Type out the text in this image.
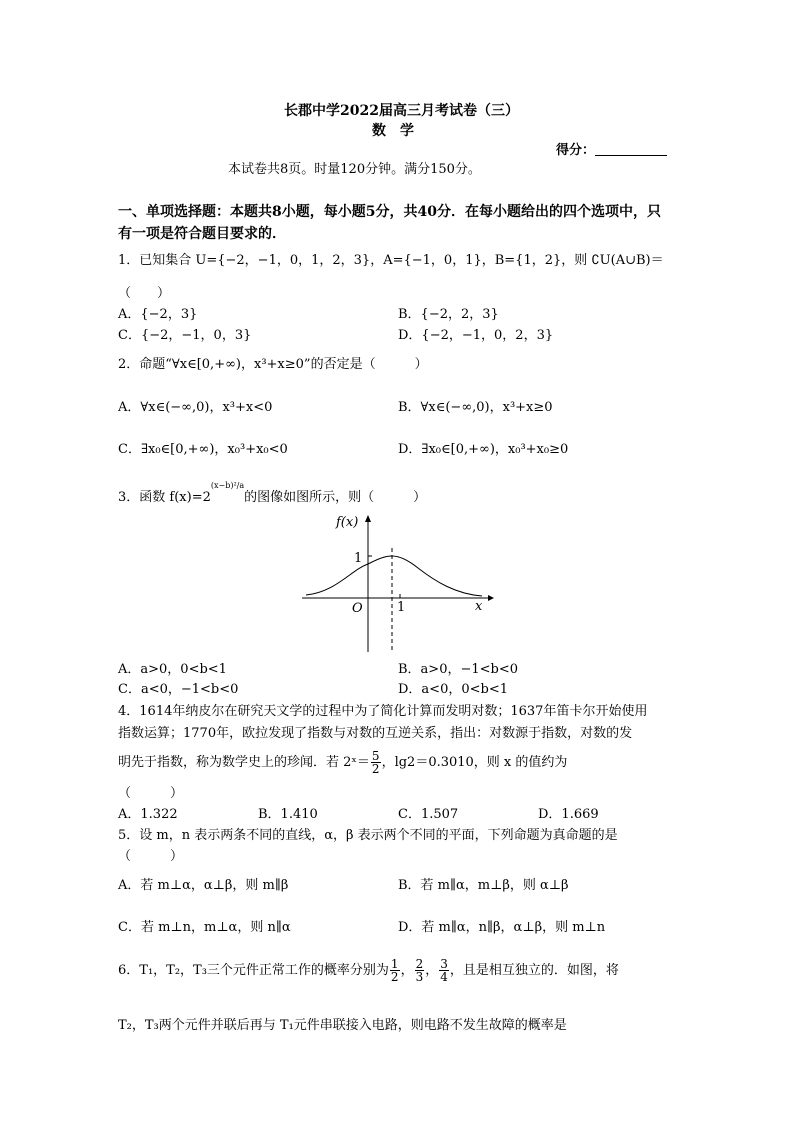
长郡中学2022届高三月考试卷（三）
数　学
得分：
本试卷共8页。时量120分钟。满分150分。
一、单项选择题：本题共8小题，每小题5分，共40分．在每小题给出的四个选项中，只
有一项是符合题目要求的．
1．已知集合 U={−2，−1，0，1，2，3}，A={−1，0，1}，B={1，2}，则 ∁U(A∪B)＝
（　　）
A．{−2，3}	B．{−2，2，3}
C．{−2，−1，0，3}	D．{−2，−1，0，2，3}
2．命题“∀x∈[0,+∞)，x³+x≥0”的否定是（　　　）
A．∀x∈(−∞,0)，x³+x<0	B．∀x∈(−∞,0)，x³+x≥0
C．∃x₀∈[0,+∞)，x₀³+x₀<0	D．∃x₀∈[0,+∞)，x₀³+x₀≥0
3．函数 $f(x)=2^{(x-b)^2/a}$的图像如图所示，则（　　　）
f(x)
1
O	1	x
A．a>0，0<b<1	B．a>0，−1<b<0
C．a<0，−1<b<0	D．a<0，0<b<1
4．1614年纳皮尔在研究天文学的过程中为了简化计算而发明对数；1637年笛卡尔开始使用
指数运算；1770年，欧拉发现了指数与对数的互逆关系，指出：对数源于指数，对数的发
明先于指数，称为数学史上的珍闻．若 2ˣ＝ $\frac{5}{2}$ ，lg2＝0.3010，则 x 的值约为
（　　　）
A．1.322	B．1.410	C．1.507	D．1.669
5．设 m，n 表示两条不同的直线，α，β 表示两个不同的平面，下列命题为真命题的是
（　　　）
A．若 m⊥α，α⊥β，则 m∥β	B．若 m∥α，m⊥β，则 α⊥β
C．若 m⊥n，m⊥α，则 n∥α	D．若 m∥α，n∥β，α⊥β，则 m⊥n
6．T₁，T₂，T₃三个元件正常工作的概率分别为 $\frac{1}{2}$ ， $\frac{2}{3}$ ， $\frac{3}{4}$ ，且是相互独立的．如图，将
T₂，T₃两个元件并联后再与 T₁元件串联接入电路，则电路不发生故障的概率是
